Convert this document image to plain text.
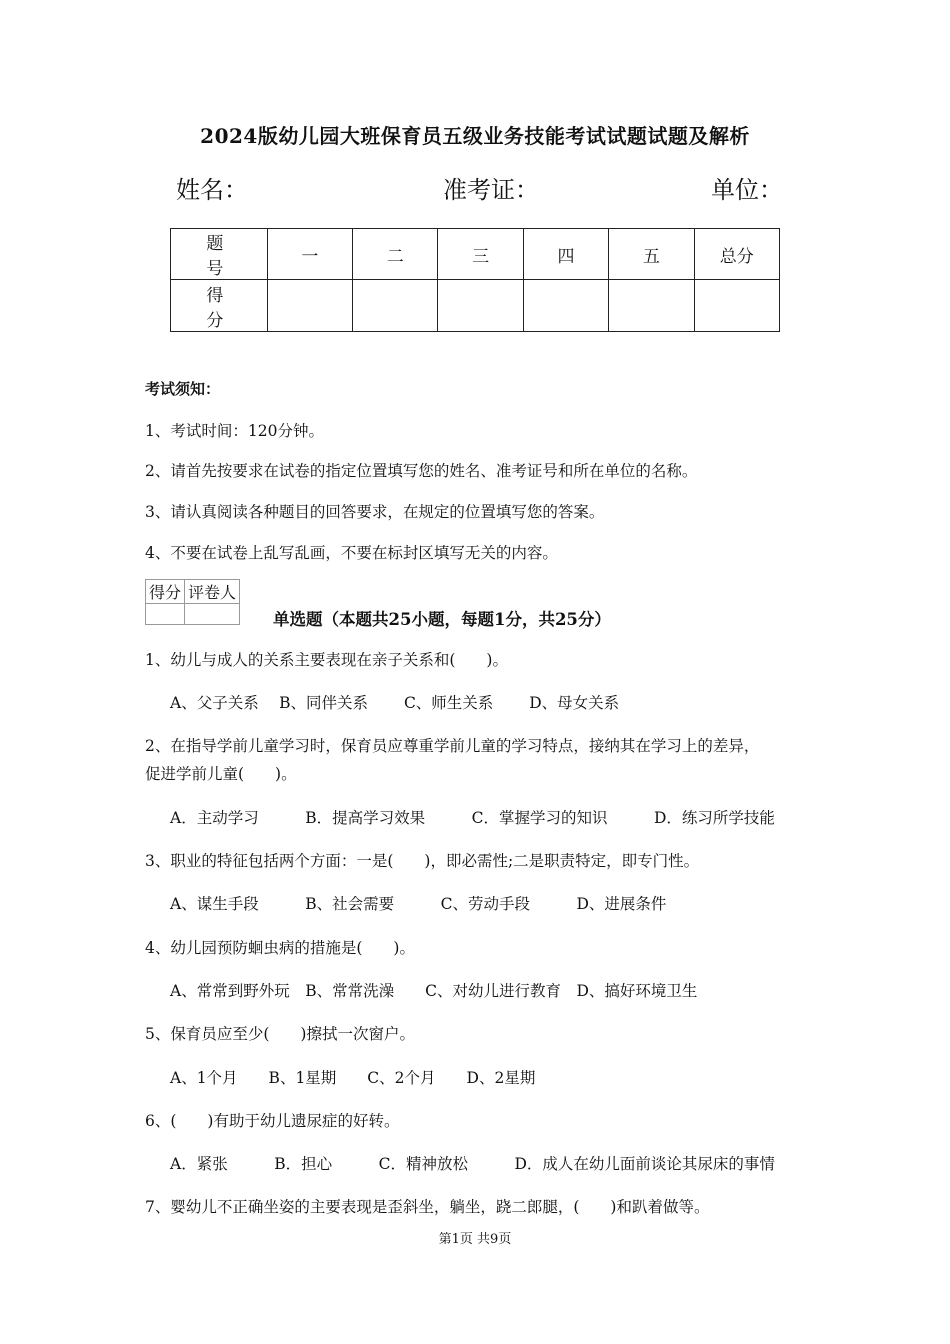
2024版幼儿园大班保育员五级业务技能考试试题试题及解析
姓名：	准考证：	单位：
题　号	一	二	三	四	五	总分
得　分						
考试须知：
1、考试时间：120分钟。
2、请首先按要求在试卷的指定位置填写您的姓名、准考证号和所在单位的名称。
3、请认真阅读各种题目的回答要求，在规定的位置填写您的答案。
4、不要在试卷上乱写乱画，不要在标封区填写无关的内容。
得分	评卷人

单选题（本题共25小题，每题1分，共25分）
1、幼儿与成人的关系主要表现在亲子关系和(　　)。
A、父子关系　 B、同伴关系　　 C、师生关系　　 D、母女关系
2、在指导学前儿童学习时，保育员应尊重学前儿童的学习特点，接纳其在学习上的差异，
促进学前儿童(　　)。
A．主动学习　　　B．提高学习效果　　　C．掌握学习的知识　　　D．练习所学技能
3、职业的特征包括两个方面：一是(　　)，即必需性;二是职责特定，即专门性。
A、谋生手段　　　B、社会需要　　　C、劳动手段　　　D、进展条件
4、幼儿园预防蛔虫病的措施是(　　)。
A、常常到野外玩　B、常常洗澡　　C、对幼儿进行教育　D、搞好环境卫生
5、保育员应至少(　　)擦拭一次窗户。
A、1个月　　B、1星期　　C、2个月　　D、2星期
6、(　　)有助于幼儿遗尿症的好转。
A．紧张　　　B．担心　　　C．精神放松　　　D．成人在幼儿面前谈论其尿床的事情
7、婴幼儿不正确坐姿的主要表现是歪斜坐，躺坐，跷二郎腿，(　　)和趴着做等。
第1页 共9页
